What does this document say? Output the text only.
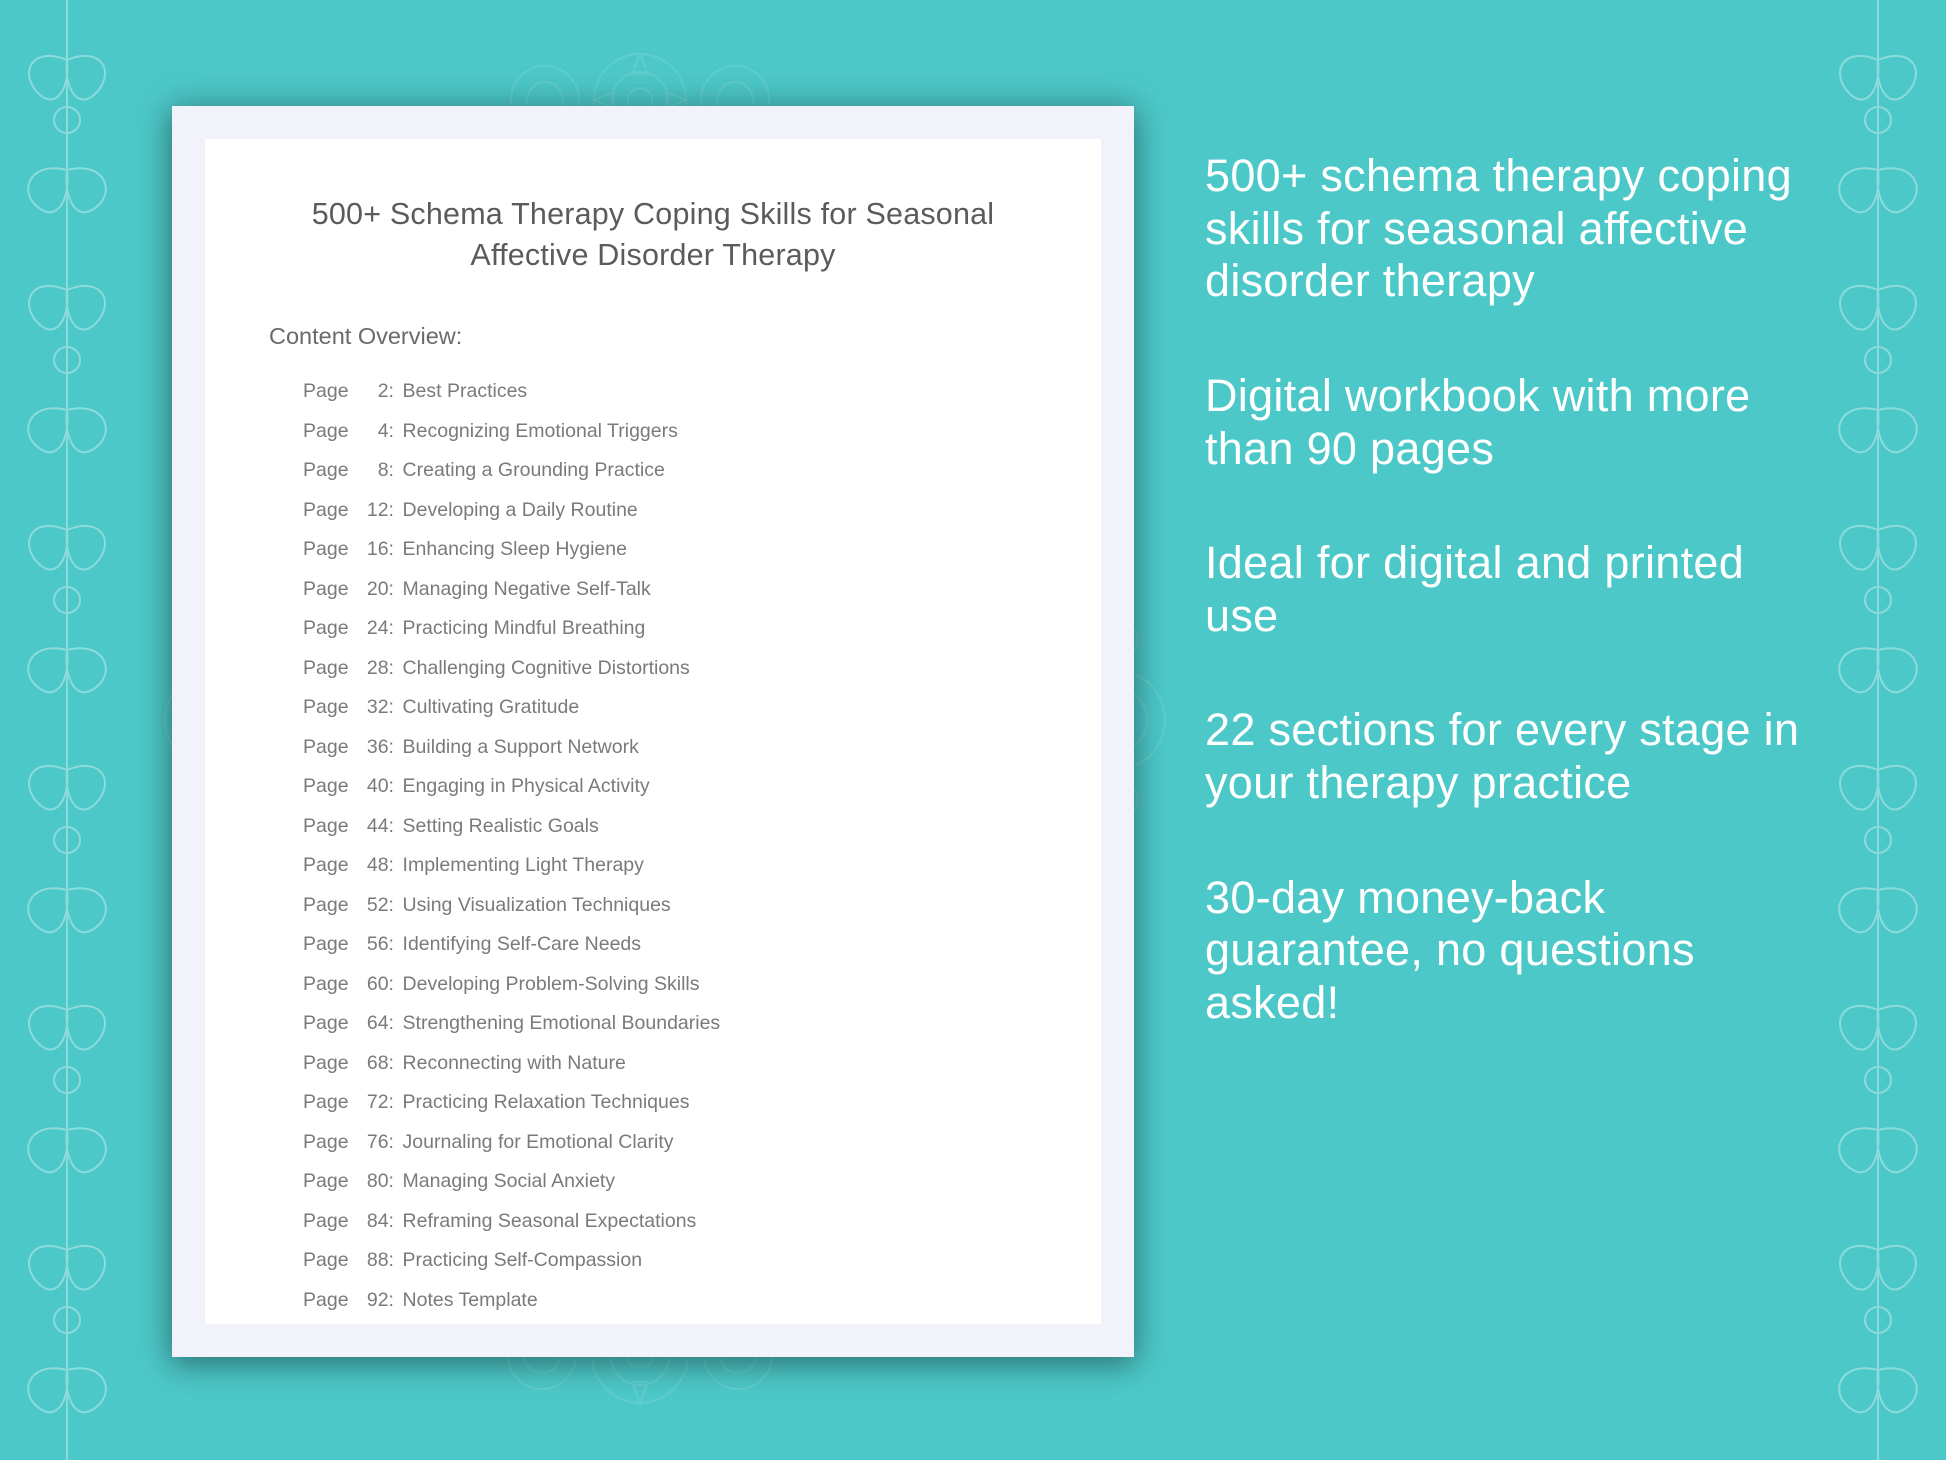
500+ Schema Therapy Coping Skills for Seasonal Affective Disorder Therapy
Content Overview:
Page	2 : Best Practices
Page	4 : Recognizing Emotional Triggers
Page	8 : Creating a Grounding Practice
Page 12 : Developing a Daily Routine
Page 16 : Enhancing Sleep Hygiene
Page 20 : Managing Negative Self-Talk
Page 24 : Practicing Mindful Breathing
Page 28 : Challenging Cognitive Distortions
Page 32 : Cultivating Gratitude
Page 36 : Building a Support Network
Page 40 : Engaging in Physical Activity
Page 44 : Setting Realistic Goals
Page 48 : Implementing Light Therapy
Page 52 : Using Visualization Techniques
Page 56 : Identifying Self-Care Needs
Page 60 : Developing Problem-Solving Skills
Page 64 : Strengthening Emotional Boundaries
Page 68 : Reconnecting with Nature
Page 72 : Practicing Relaxation Techniques
Page 76 : Journaling for Emotional Clarity
Page 80 : Managing Social Anxiety
Page 84 : Reframing Seasonal Expectations
Page 88 : Practicing Self-Compassion
Page 92 : Notes Template

500+ schema therapy coping skills for seasonal affective disorder therapy

Digital workbook with more than 90 pages

Ideal for digital and printed use

22 sections for every stage in your therapy practice

30-day money-back guarantee, no questions asked!
